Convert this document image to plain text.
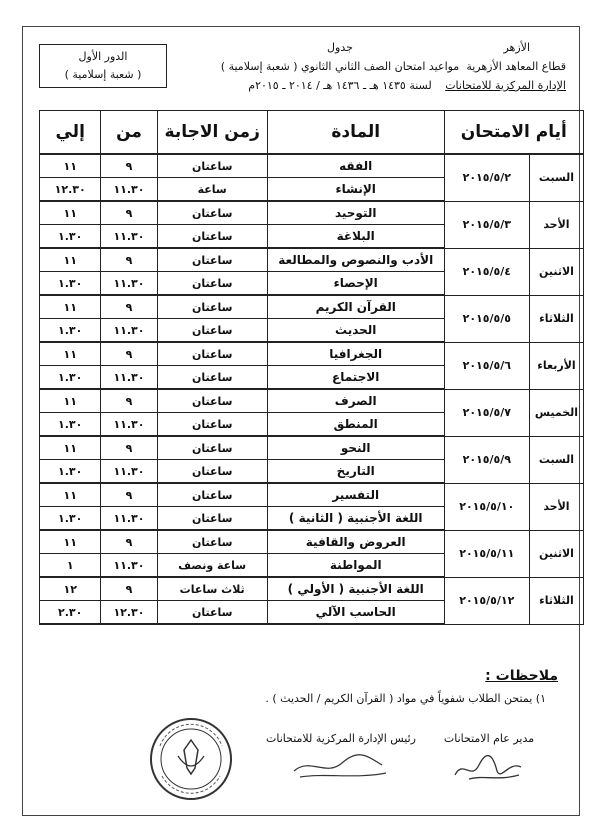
الأزهر
قطاع المعاهد الأزهرية
الإدارة المركزية للامتحانات
جدول
مواعيد امتحان الصف الثاني الثانوي ( شعبة إسلامية )
لسنة ١٤٣٥ هـ ـ ١٤٣٦ هـ / ٢٠١٤ ـ ٢٠١٥م
الدور الأول
( شعبة إسلامية )
أيام الامتحان		المادة	زمن الاجابة	من	إلي
السبت	٢٠١٥/٥/٢	الفقه	ساعتان	٩	١١
		الإنشاء	ساعة	١١.٣٠	١٢.٣٠
الأحد	٢٠١٥/٥/٣	التوحيد	ساعتان	٩	١١
		البلاغة	ساعتان	١١.٣٠	١.٣٠
الاثنين	٢٠١٥/٥/٤	الأدب والنصوص والمطالعة	ساعتان	٩	١١
		الإحصاء	ساعتان	١١.٣٠	١.٣٠
الثلاثاء	٢٠١٥/٥/٥	القرآن الكريم	ساعتان	٩	١١
		الحديث	ساعتان	١١.٣٠	١.٣٠
الأربعاء	٢٠١٥/٥/٦	الجغرافيا	ساعتان	٩	١١
		الاجتماع	ساعتان	١١.٣٠	١.٣٠
الخميس	٢٠١٥/٥/٧	الصرف	ساعتان	٩	١١
		المنطق	ساعتان	١١.٣٠	١.٣٠
السبت	٢٠١٥/٥/٩	النحو	ساعتان	٩	١١
		التاريخ	ساعتان	١١.٣٠	١.٣٠
الأحد	٢٠١٥/٥/١٠	التفسير	ساعتان	٩	١١
		اللغة الأجنبية ( الثانية )	ساعتان	١١.٣٠	١.٣٠
الاثنين	٢٠١٥/٥/١١	العروض والقافية	ساعتان	٩	١١
		المواطنة	ساعة ونصف	١١.٣٠	١
الثلاثاء	٢٠١٥/٥/١٢	اللغة الأجنبية ( الأولي )	ثلاث ساعات	٩	١٢
		الحاسب الآلي	ساعتان	١٢.٣٠	٢.٣٠
ملاحظات :
١) يمتحن الطلاب شفوياً في مواد ( القرآن الكريم / الحديث ) .
مدير عام الامتحانات
رئيس الإدارة المركزية للامتحانات
